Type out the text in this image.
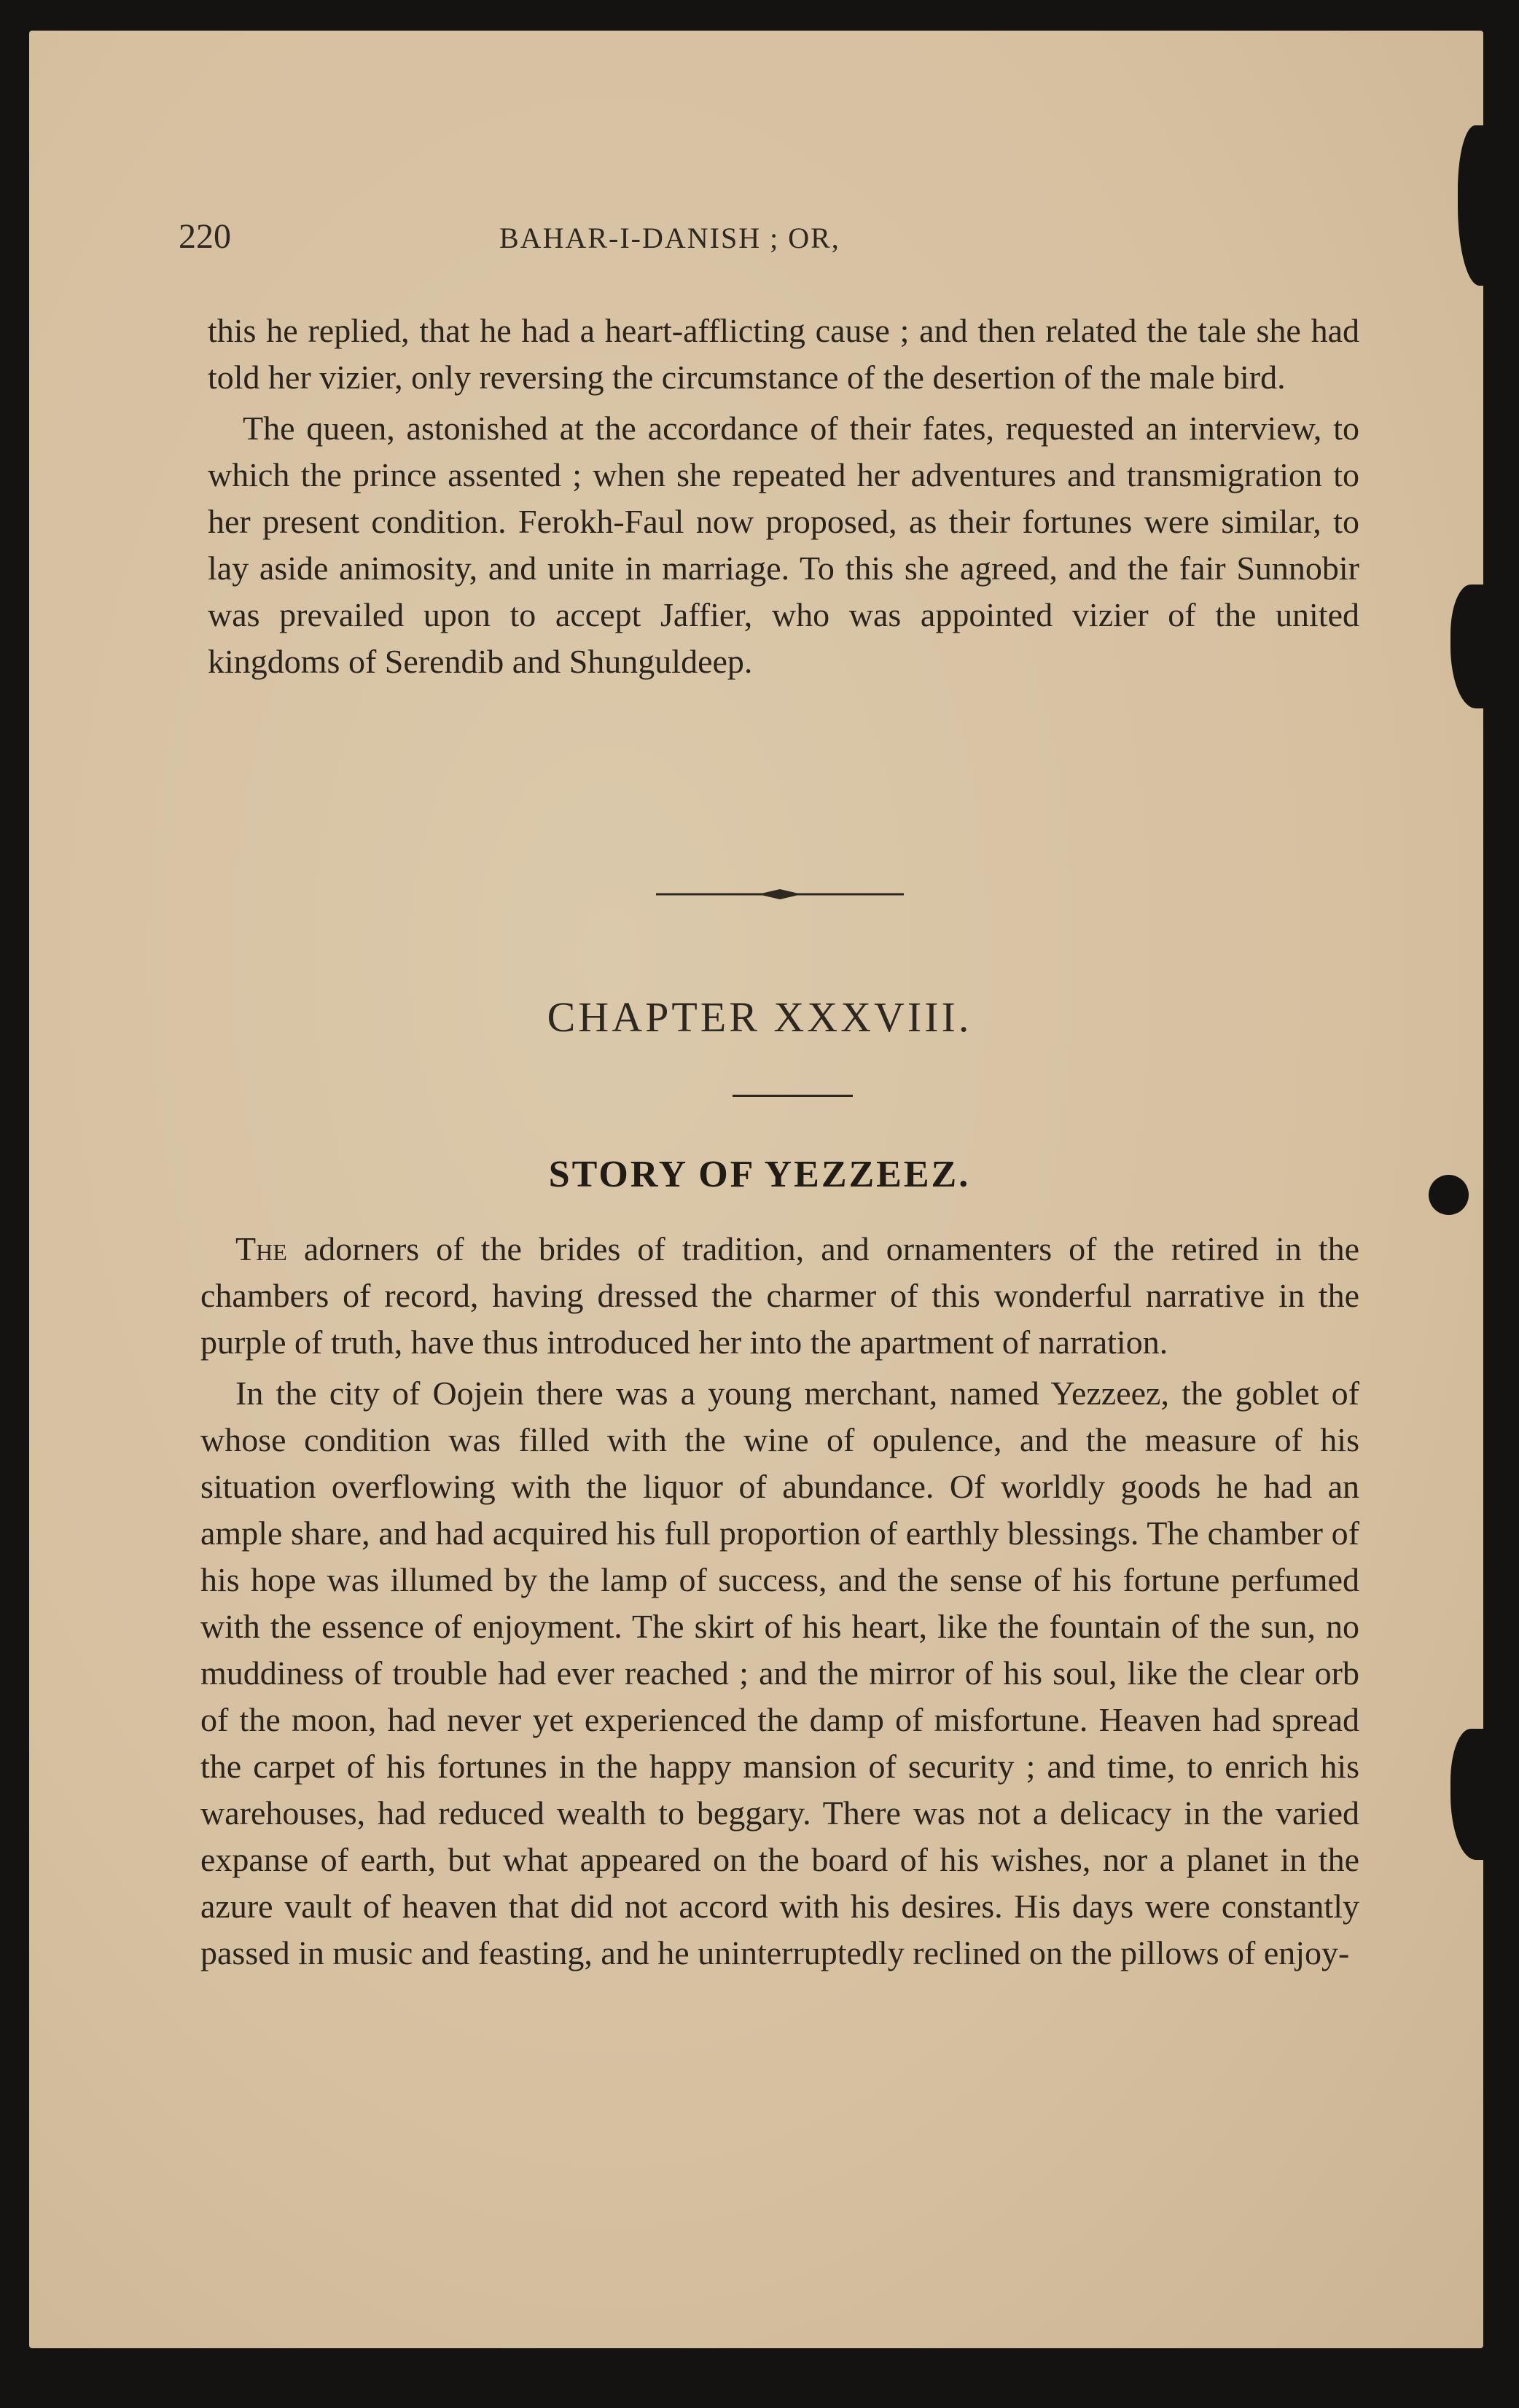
220	BAHAR-I-DANISH ; OR,

this he replied, that he had a heart-afflicting cause ; and then related the tale she had told her vizier, only reversing the circumstance of the desertion of the male bird.

The queen, astonished at the accordance of their fates, requested an interview, to which the prince assented ; when she repeated her adventures and transmigration to her present condition. Ferokh-Faul now proposed, as their fortunes were similar, to lay aside animosity, and unite in marriage. To this she agreed, and the fair Sunnobir was prevailed upon to accept Jaffier, who was appointed vizier of the united kingdoms of Serendib and Shunguldeep.

CHAPTER XXXVIII.
STORY OF YEZZEEZ.

The adorners of the brides of tradition, and ornamenters of the retired in the chambers of record, having dressed the charmer of this wonderful narrative in the purple of truth, have thus introduced her into the apartment of narration.

In the city of Oojein there was a young merchant, named Yezzeez, the goblet of whose condition was filled with the wine of opulence, and the measure of his situation overflowing with the liquor of abundance. Of worldly goods he had an ample share, and had acquired his full proportion of earthly blessings. The chamber of his hope was illumed by the lamp of success, and the sense of his fortune perfumed with the essence of enjoyment. The skirt of his heart, like the fountain of the sun, no muddiness of trouble had ever reached ; and the mirror of his soul, like the clear orb of the moon, had never yet experienced the damp of misfortune. Heaven had spread the carpet of his fortunes in the happy mansion of security ; and time, to enrich his warehouses, had reduced wealth to beggary. There was not a delicacy in the varied expanse of earth, but what appeared on the board of his wishes, nor a planet in the azure vault of heaven that did not accord with his desires. His days were constantly passed in music and feasting, and he uninterruptedly reclined on the pillows of enjoy-
